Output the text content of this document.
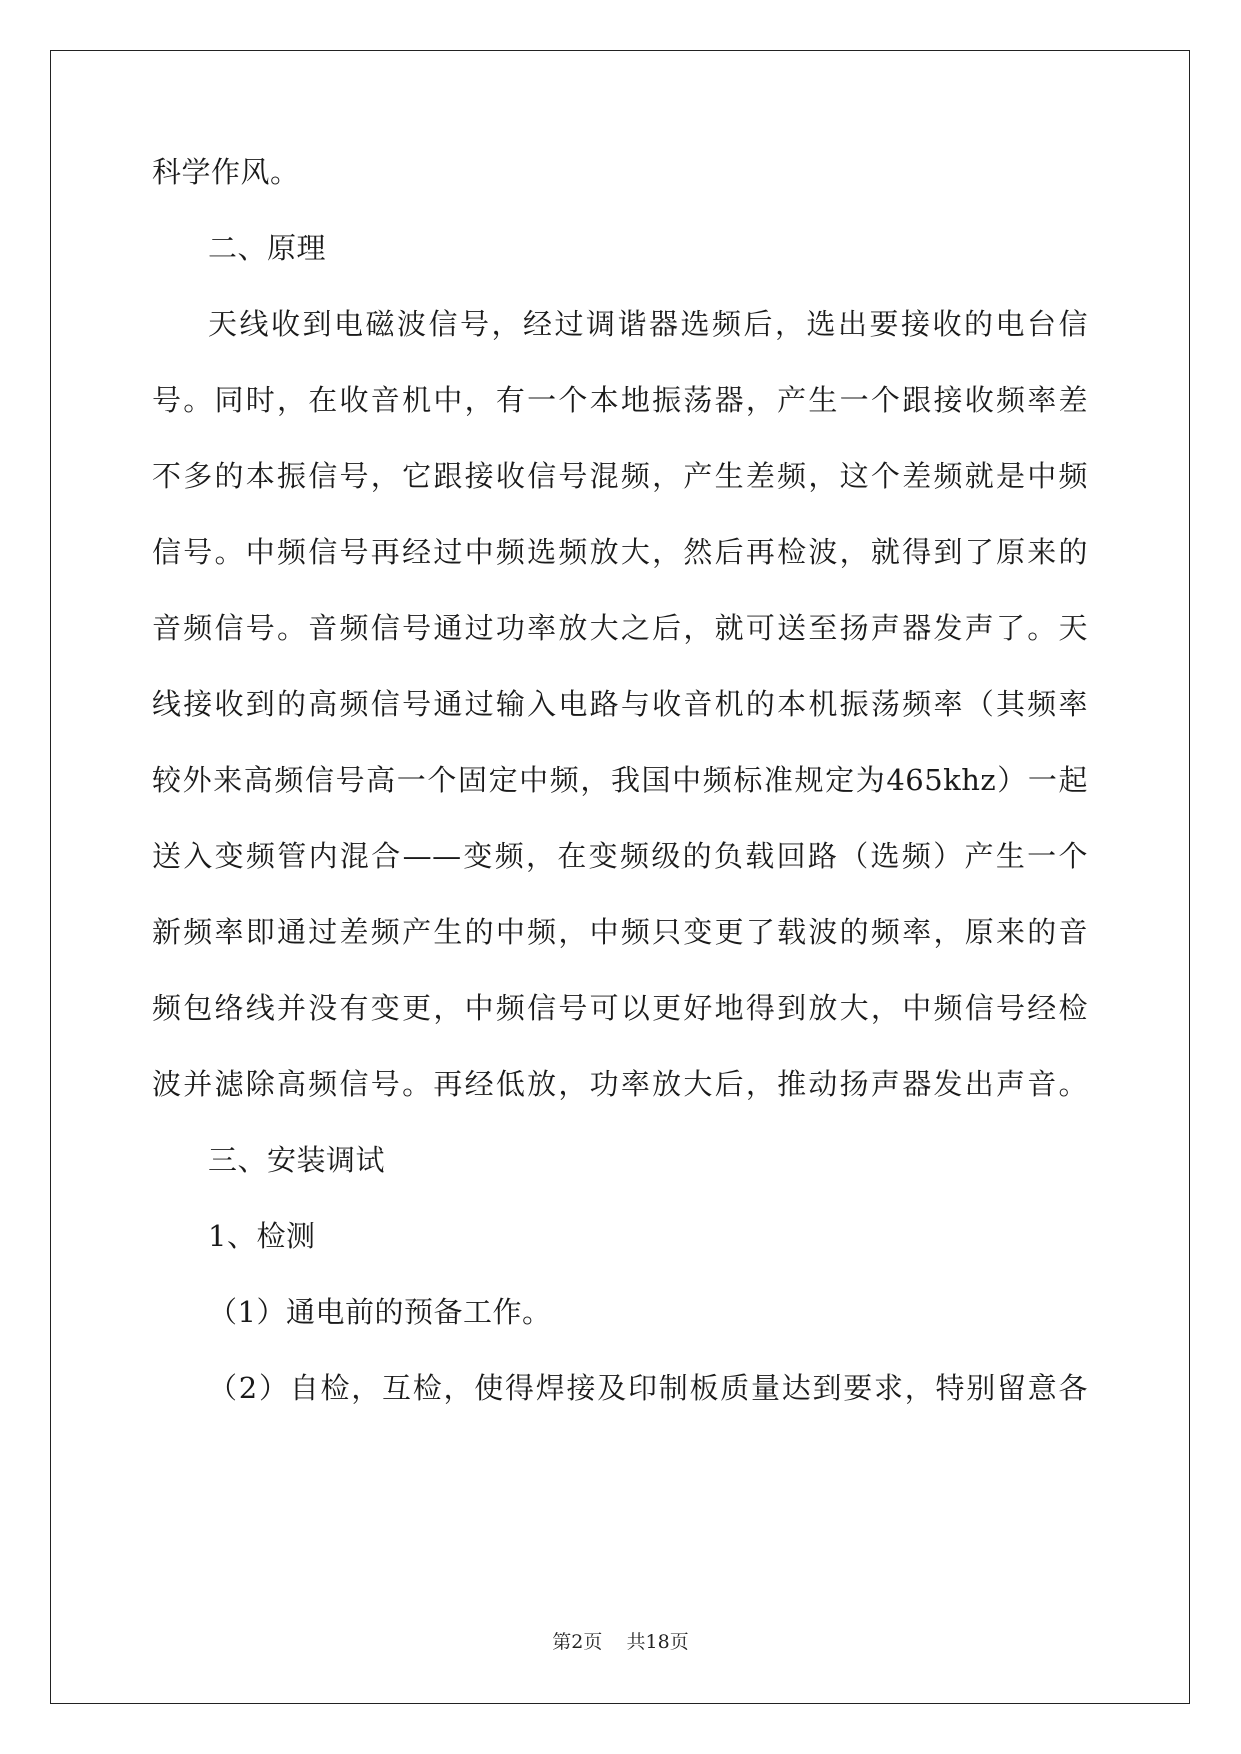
科学作风。
二、原理
天线收到电磁波信号，经过调谐器选频后，选出要接收的电台信
号。同时，在收音机中，有一个本地振荡器，产生一个跟接收频率差
不多的本振信号，它跟接收信号混频，产生差频，这个差频就是中频
信号。中频信号再经过中频选频放大，然后再检波，就得到了原来的
音频信号。音频信号通过功率放大之后，就可送至扬声器发声了。天
线接收到的高频信号通过输入电路与收音机的本机振荡频率（其频率
较外来高频信号高一个固定中频，我国中频标准规定为465khz）一起
送入变频管内混合——变频，在变频级的负载回路（选频）产生一个
新频率即通过差频产生的中频，中频只变更了载波的频率，原来的音
频包络线并没有变更，中频信号可以更好地得到放大，中频信号经检
波并滤除高频信号。再经低放，功率放大后，推动扬声器发出声音。
三、安装调试
1、检测
（1）通电前的预备工作。
（2）自检，互检，使得焊接及印制板质量达到要求，特别留意各
第2页 共18页
